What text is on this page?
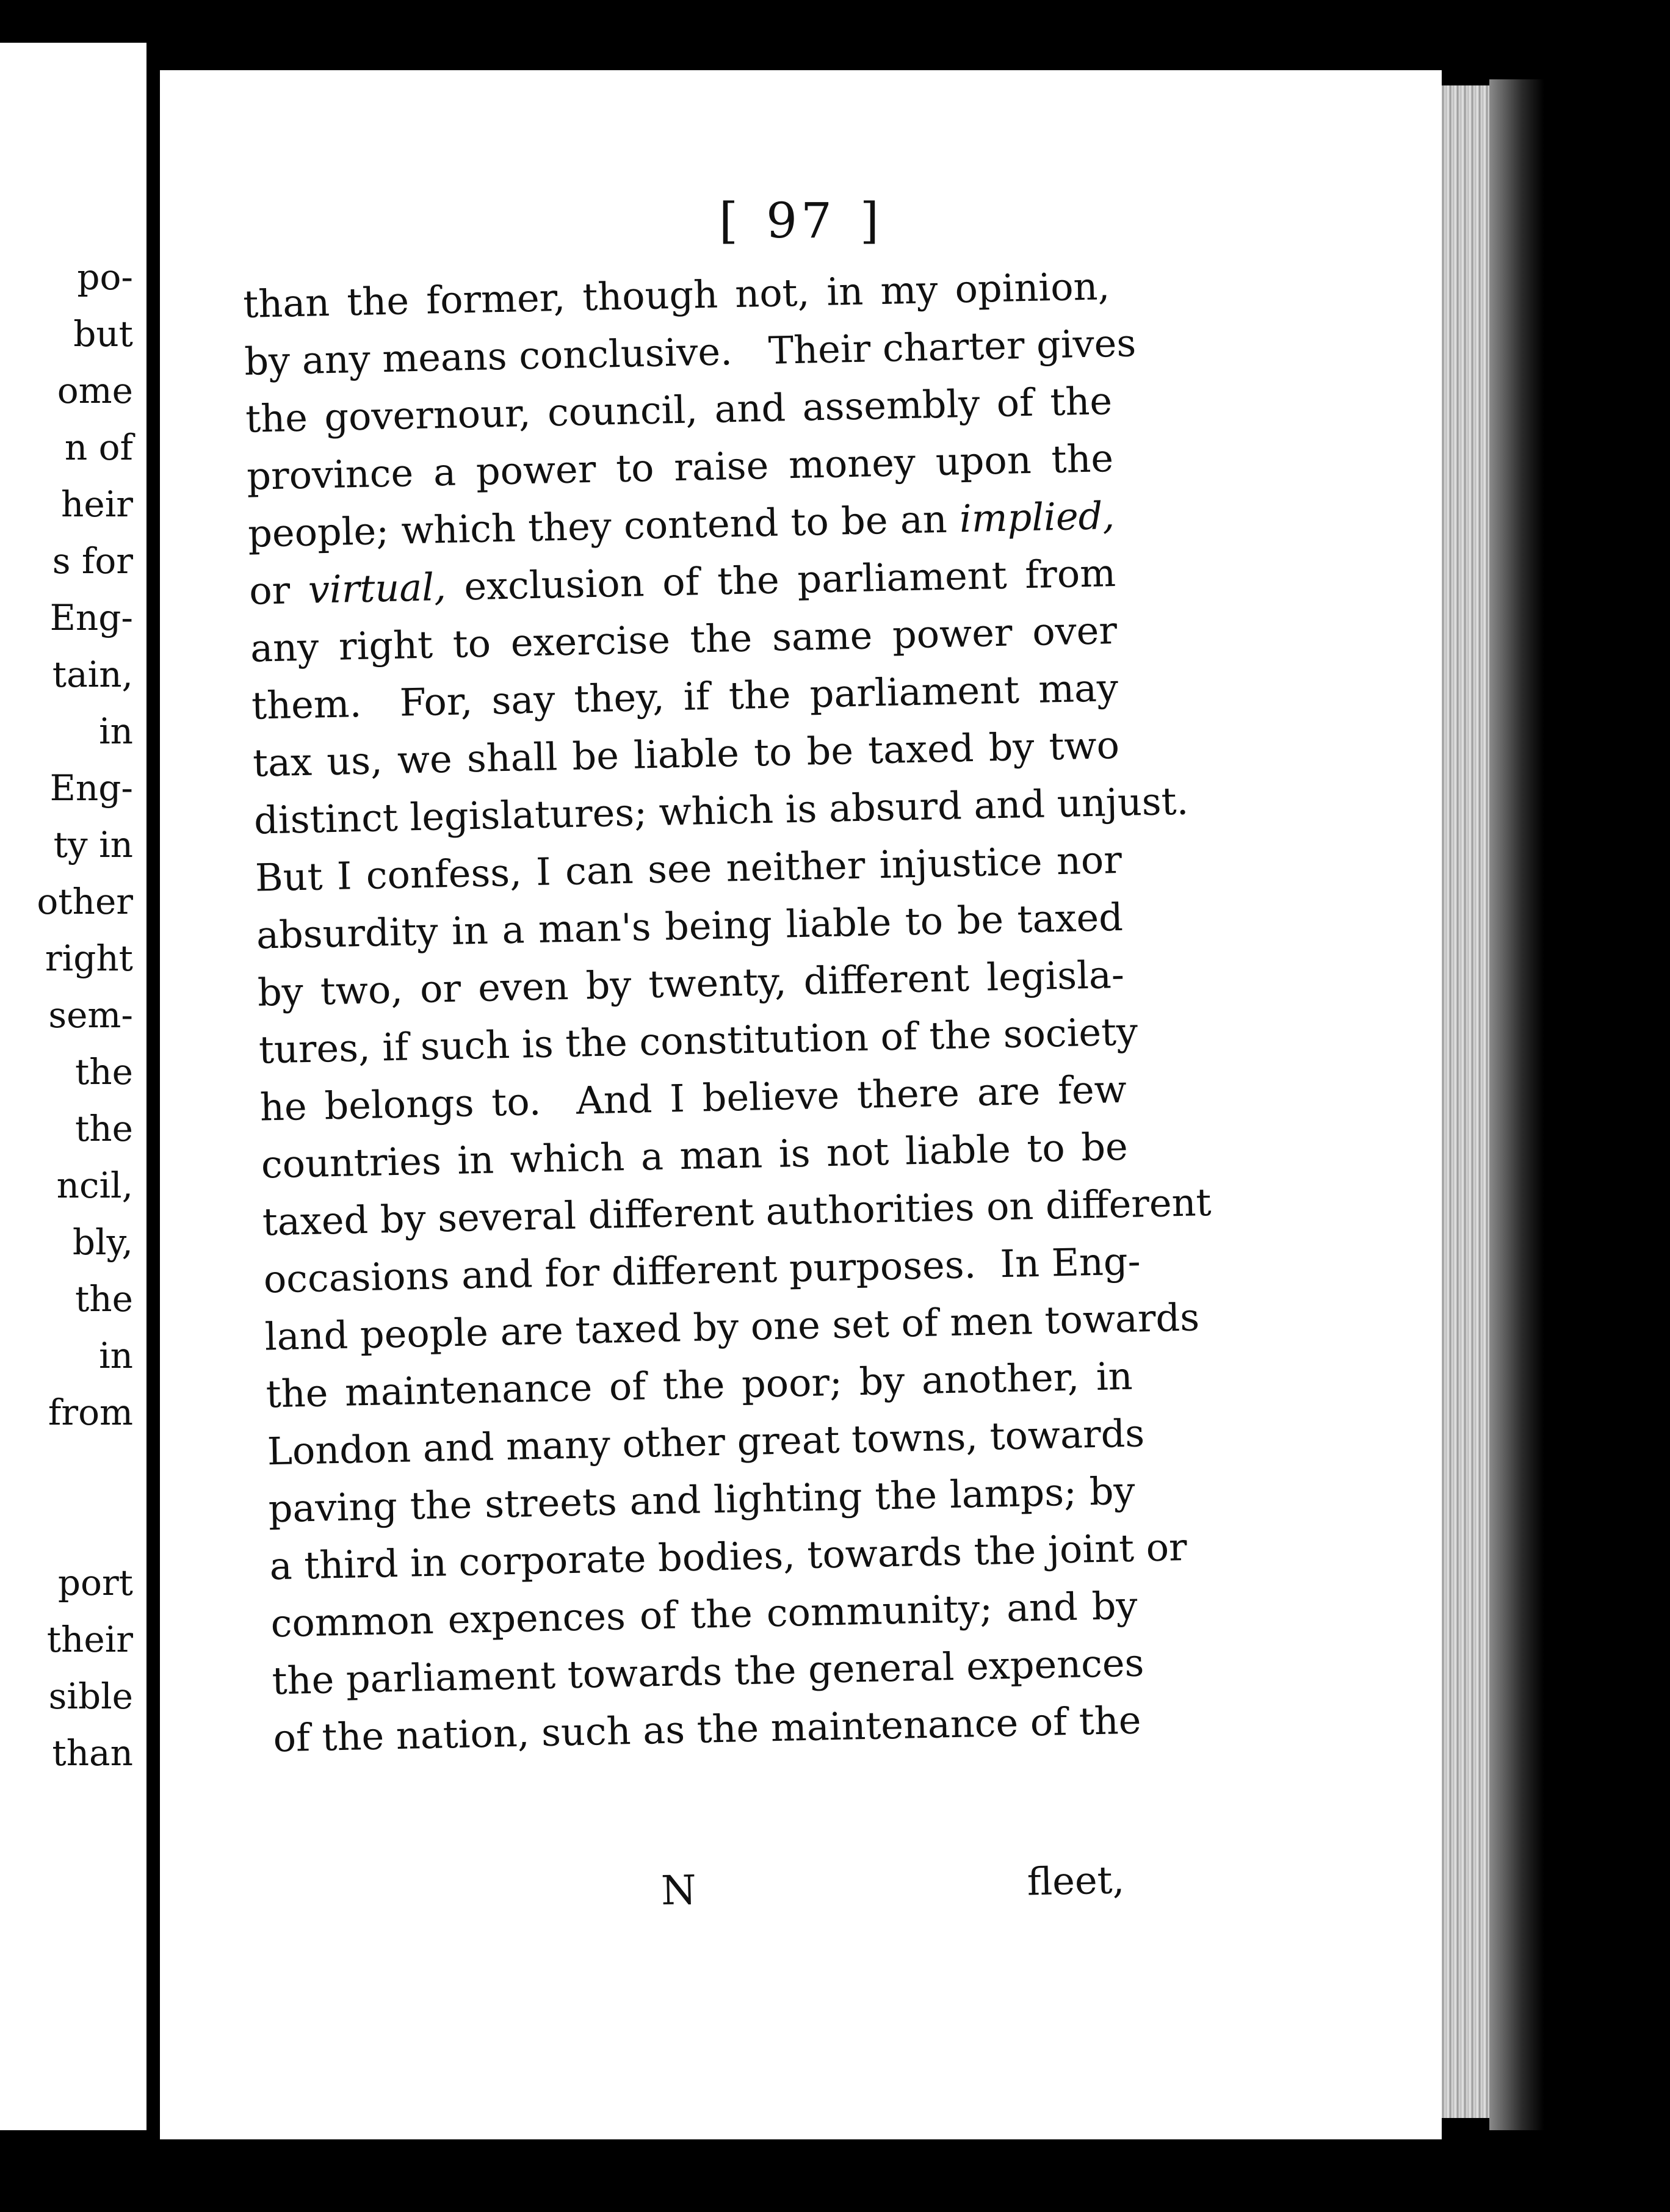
po-
but
ome
n of
heir
s for
Eng-
tain,
in
Eng-
ty in
other
right
sem-
the
the
ncil,
bly,
the
in
from
port
their
sible
than
[ 97 ]
N	fleet,
than the former, though not, in my opinion,
by any means conclusive.   Their charter gives
the governour, council, and assembly of the
province a power to raise money upon the
people; which they contend to be an implied,
or virtual, exclusion of the parliament from
any right to exercise the same power over
them.  For, say they, if the parliament may
tax us, we shall be liable to be taxed by two
distinct legislatures; which is absurd and unjust.
But I confess, I can see neither injustice nor
absurdity in a man's being liable to be taxed
by two, or even by twenty, different legisla-
tures, if such is the constitution of the society
he belongs to.  And I believe there are few
countries in which a man is not liable to be
taxed by several different authorities on different
occasions and for different purposes.  In Eng-
land people are taxed by one set of men towards
the maintenance of the poor; by another, in
London and many other great towns, towards
paving the streets and lighting the lamps; by
a third in corporate bodies, towards the joint or
common expences of the community; and by
the parliament towards the general expences
of the nation, such as the maintenance of the
